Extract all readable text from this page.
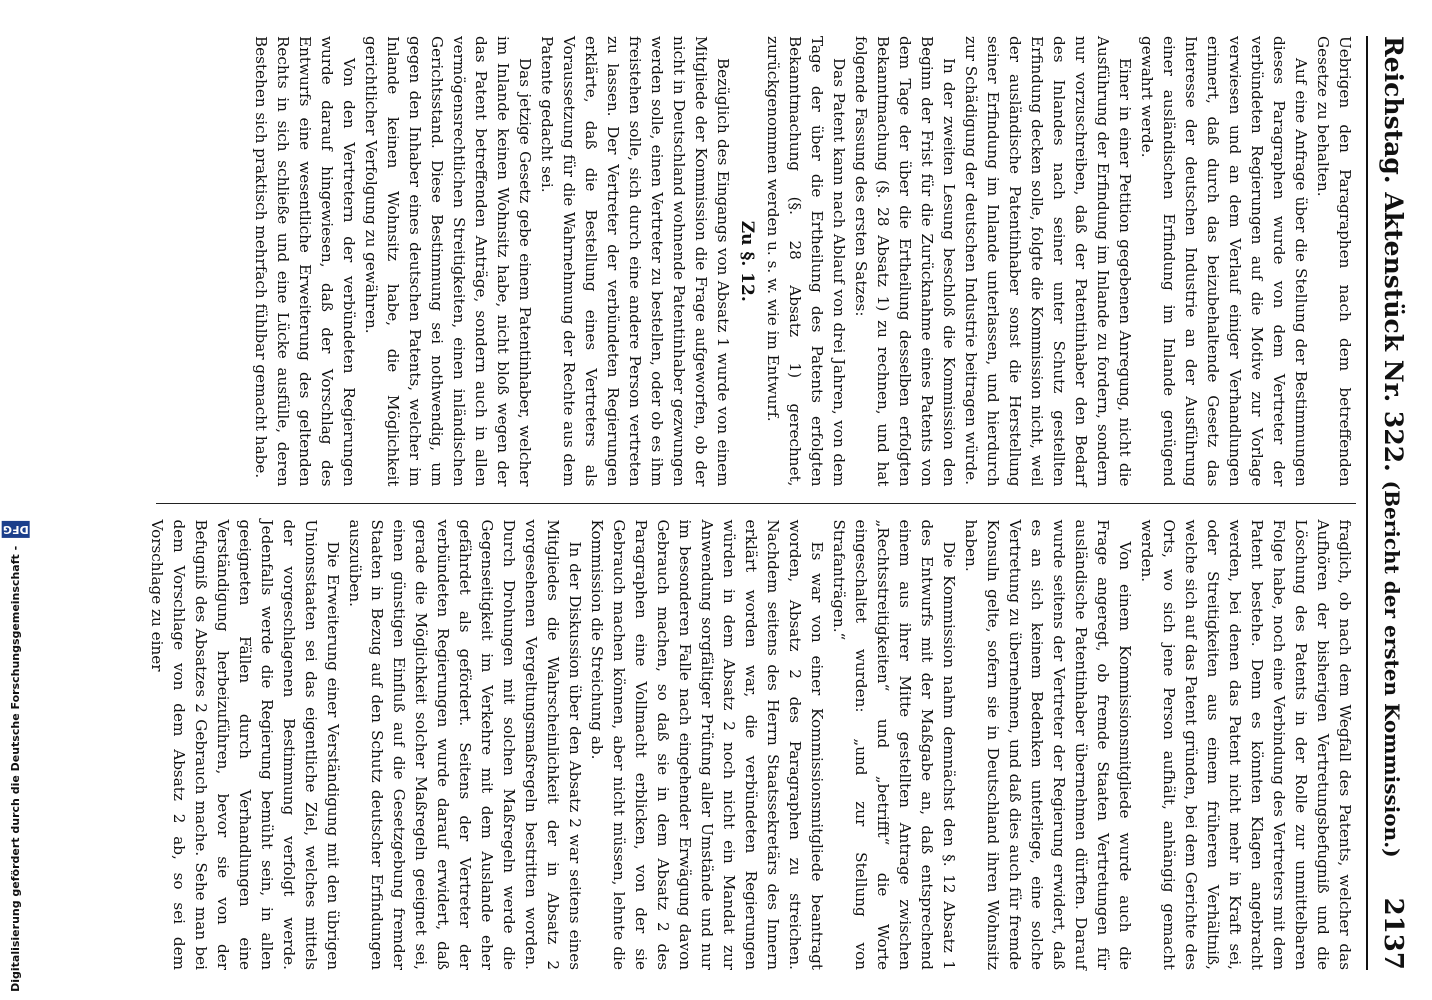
Reichstag.
Aktenstück Nr. 322.
(Bericht der ersten Kommission.)
2137

Uebrigen den Paragraphen nach dem betreffenden Gesetze zu behalten.

Auf eine Anfrage über die Stellung der Bestimmungen dieses Paragraphen wurde von dem Vertreter der verbündeten Regierungen auf die Motive zur Vorlage verwiesen und an dem Verlauf einiger Verhandlungen erinnert, daß durch das beizubehaltende Gesetz das Interesse der deutschen Industrie an der Ausführung einer ausländischen Erfindung im Inlande genügend gewahrt werde.

Einer in einer Petition gegebenen Anregung, nicht die Ausführung der Erfindung im Inlande zu fordern, sondern nur vorzuschreiben, daß der Patentinhaber den Bedarf des Inlandes nach seiner unter Schutz gestellten Erfindung decken solle, folgte die Kommission nicht, weil der ausländische Patentinhaber sonst die Herstellung seiner Erfindung im Inlande unterlassen, und hierdurch zur Schädigung der deutschen Industrie beitragen würde.

In der zweiten Lesung beschloß die Kommission den Beginn der Frist für die Zurücknahme eines Patents von dem Tage der über die Ertheilung desselben erfolgten Bekanntmachung (§. 28 Absatz 1) zu rechnen, und hat folgende Fassung des ersten Satzes:

Das Patent kann nach Ablauf von drei Jahren, von dem Tage der über die Ertheilung des Patents erfolgten Bekanntmachung (§. 28 Absatz 1) gerechnet, zurückgenommen werden u. s. w. wie im Entwurf.

Zu §. 12.

Bezüglich des Eingangs von Absatz 1 wurde von einem Mitgliede der Kommission die Frage aufgeworfen, ob der nicht in Deutschland wohnende Patentinhaber gezwungen werden solle, einen Vertreter zu bestellen, oder ob es ihm freistehen solle, sich durch eine andere Person vertreten zu lassen. Der Vertreter der verbündeten Regierungen erklärte, daß die Bestellung eines Vertreters als Voraussetzung für die Wahrnehmung der Rechte aus dem Patente gedacht sei.

Das jetzige Gesetz gebe einem Patentinhaber, welcher im Inlande keinen Wohnsitz habe, nicht bloß wegen der das Patent betreffenden Anträge, sondern auch in allen vermögensrechtlichen Streitigkeiten, einen inländischen Gerichtsstand. Diese Bestimmung sei nothwendig, um gegen den Inhaber eines deutschen Patents, welcher im Inlande keinen Wohnsitz habe, die Möglichkeit gerichtlicher Verfolgung zu gewähren.

Von den Vertretern der verbündeten Regierungen wurde darauf hingewiesen, daß der Vorschlag des Entwurfs eine wesentliche Erweiterung des geltenden Rechts in sich schließe und eine Lücke ausfülle, deren Bestehen sich praktisch mehrfach fühlbar gemacht habe.

fraglich, ob nach dem Wegfall des Patents, welcher das Aufhören der bisherigen Vertretungsbefugniß und die Löschung des Patents in der Rolle zur unmittelbaren Folge habe, noch eine Verbindung des Vertreters mit dem Patent bestehe. Denn es könnten Klagen angebracht werden, bei denen das Patent nicht mehr in Kraft sei, oder Streitigkeiten aus einem früheren Verhältniß, welche sich auf das Patent gründen, bei dem Gerichte des Orts, wo sich jene Person aufhält, anhängig gemacht werden.

Von einem Kommissionsmitgliede wurde auch die Frage angeregt, ob fremde Staaten Vertretungen für ausländische Patentinhaber übernehmen dürften. Darauf wurde seitens der Vertreter der Regierung erwidert, daß es an sich keinem Bedenken unterliege, eine solche Vertretung zu übernehmen, und daß dies auch für fremde Konsuln gelte, sofern sie in Deutschland ihren Wohnsitz haben.

Die Kommission nahm demnächst den §. 12 Absatz 1 des Entwurfs mit der Maßgabe an, daß entsprechend einem aus ihrer Mitte gestellten Antrage zwischen „Rechtsstreitigkeiten“ und „betrifft“ die Worte eingeschaltet wurden: „und zur Stellung von Strafanträgen.“

Es war von einer Kommissionsmitgliede beantragt worden, Absatz 2 des Paragraphen zu streichen. Nachdem seitens des Herrn Staatssekretärs des Innern erklärt worden war, die verbündeten Regierungen würden in dem Absatz 2 noch nicht ein Mandat zur Anwendung sorgfältiger Prüfung aller Umstände und nur im besonderen Falle nach eingehender Erwägung davon Gebrauch machen, so daß sie in dem Absatz 2 des Paragraphen eine Vollmacht erblicken, von der sie Gebrauch machen können, aber nicht müssen, lehnte die Kommission die Streichung ab.

In der Diskussion über den Absatz 2 war seitens eines Mitgliedes die Wahrscheinlichkeit der in Absatz 2 vorgesehenen Vergeltungsmaßregeln bestritten worden. Durch Drohungen mit solchen Maßregeln werde die Gegenseitigkeit im Verkehre mit dem Auslande eher gefährdet als gefördert. Seitens der Vertreter der verbündeten Regierungen wurde darauf erwidert, daß gerade die Möglichkeit solcher Maßregeln geeignet sei, einen günstigen Einfluß auf die Gesetzgebung fremder Staaten in Bezug auf den Schutz deutscher Erfindungen auszuüben.

Die Erweiterung einer Verständigung mit den übrigen Unionsstaaten sei das eigentliche Ziel, welches mittels der vorgeschlagenen Bestimmung verfolgt werde. Jedenfalls werde die Regierung bemüht sein, in allen geeigneten Fällen durch Verhandlungen eine Verständigung herbeizuführen, bevor sie von der Befugniß des Absatzes 2 Gebrauch mache. Sehe man bei dem Vorschlage von dem Absatz 2 ab, so sei dem Vorschlage zu einer

Digitalisierung gefördert durch die Deutsche Forschungsgemeinschaft - DFG
